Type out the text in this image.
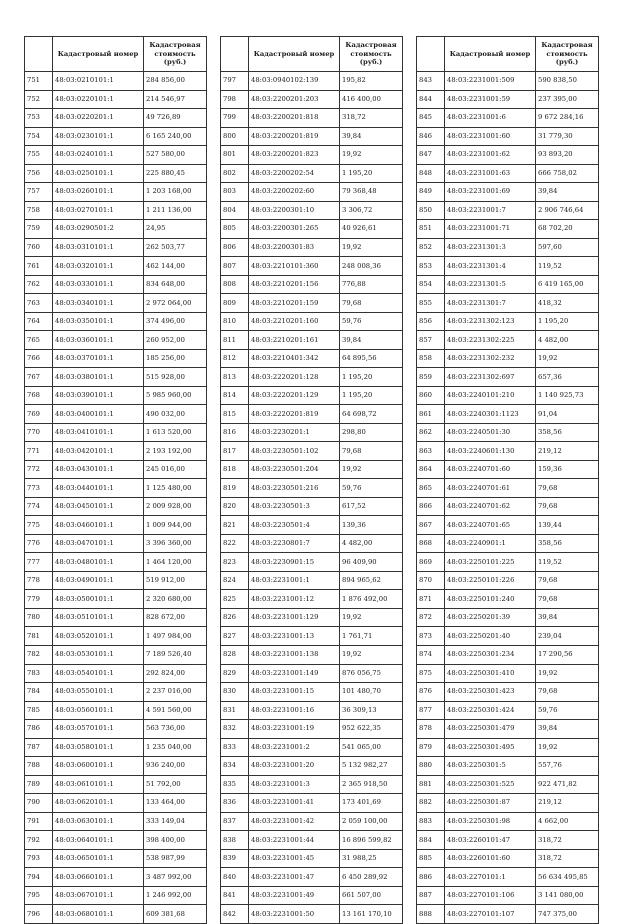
	Кадастровый номер	Кадастровая стоимость (руб.)
751	48:03:0210101:1	284 856,00
752	48:03:0220101:1	214 546,97
753	48:03:0220201:1	49 726,89
754	48:03:0230101:1	6 165 240,00
755	48:03:0240101:1	527 580,00
756	48:03:0250101:1	225 880,45
757	48:03:0260101:1	1 203 168,00
758	48:03:0270101:1	1 211 136,00
759	48:03:0290501:2	24,95
760	48:03:0310101:1	262 503,77
761	48:03:0320101:1	462 144,00
762	48:03:0330101:1	834 648,00
763	48:03:0340101:1	2 972 064,00
764	48:03:0350101:1	374 496,00
765	48:03:0360101:1	260 952,00
766	48:03:0370101:1	185 256,00
767	48:03:0380101:1	515 928,00
768	48:03:0390101:1	5 985 960,00
769	48:03:0400101:1	490 032,00
770	48:03:0410101:1	1 613 520,00
771	48:03:0420101:1	2 193 192,00
772	48:03:0430101:1	245 016,00
773	48:03:0440101:1	1 125 480,00
774	48:03:0450101:1	2 009 928,00
775	48:03:0460101:1	1 009 944,00
776	48:03:0470101:1	3 396 360,00
777	48:03:0480101:1	1 464 120,00
778	48:03:0490101:1	519 912,00
779	48:03:0500101:1	2 320 680,00
780	48:03:0510101:1	828 672,00
781	48:03:0520101:1	1 497 984,00
782	48:03:0530101:1	7 189 526,40
783	48:03:0540101:1	292 824,00
784	48:03:0550101:1	2 237 016,00
785	48:03:0560101:1	4 591 560,00
786	48:03:0570101:1	563 736,00
787	48:03:0580101:1	1 235 040,00
788	48:03:0600101:1	936 240,00
789	48:03:0610101:1	51 792,00
790	48:03:0620101:1	133 464,00
791	48:03:0630101:1	333 149,04
792	48:03:0640101:1	398 400,00
793	48:03:0650101:1	538 987,99
794	48:03:0660101:1	3 487 992,00
795	48:03:0670101:1	1 246 992,00
796	48:03:0680101:1	609 381,68
	Кадастровый номер	Кадастровая стоимость (руб.)
797	48:03:0940102:139	195,82
798	48:03:2200201:203	416 400,00
799	48:03:2200201:818	318,72
800	48:03:2200201:819	39,84
801	48:03:2200201:823	19,92
802	48:03:2200202:54	1 195,20
803	48:03:2200202:60	79 368,48
804	48:03:2200301:10	3 306,72
805	48:03:2200301:265	40 926,61
806	48:03:2200301:83	19,92
807	48:03:2210101:360	248 008,36
808	48:03:2210201:156	776,88
809	48:03:2210201:159	79,68
810	48:03:2210201:160	59,76
811	48:03:2210201:161	39,84
812	48:03:2210401:342	64 895,56
813	48:03:2220201:128	1 195,20
814	48:03:2220201:129	1 195,20
815	48:03:2220201:819	64 698,72
816	48:03:2230201:1	298,80
817	48:03:2230501:102	79,68
818	48:03:2230501:204	19,92
819	48:03:2230501:216	59,76
820	48:03:2230501:3	617,52
821	48:03:2230501:4	139,36
822	48:03:2230801:7	4 482,00
823	48:03:2230901:15	96 409,90
824	48:03:2231001:1	894 965,62
825	48:03:2231001:12	1 876 492,00
826	48:03:2231001:129	19,92
827	48:03:2231001:13	1 761,71
828	48:03:2231001:138	19,92
829	48:03:2231001:149	876 056,75
830	48:03:2231001:15	101 480,70
831	48:03:2231001:16	36 309,13
832	48:03:2231001:19	952 622,35
833	48:03:2231001:2	541 065,00
834	48:03:2231001:20	5 132 982,27
835	48:03:2231001:3	2 365 918,50
836	48:03:2231001:41	173 401,69
837	48:03:2231001:42	2 059 100,00
838	48:03:2231001:44	16 896 599,82
839	48:03:2231001:45	31 988,25
840	48:03:2231001:47	6 450 289,92
841	48:03:2231001:49	661 507,00
842	48:03:2231001:50	13 161 170,10
	Кадастровый номер	Кадастровая стоимость (руб.)
843	48:03:2231001:509	590 838,50
844	48:03:2231001:59	237 395,00
845	48:03:2231001:6	9 672 284,16
846	48:03:2231001:60	31 779,30
847	48:03:2231001:62	93 893,20
848	48:03:2231001:63	666 758,02
849	48:03:2231001:69	39,84
850	48:03:2231001:7	2 906 746,64
851	48:03:2231001:71	68 702,20
852	48:03:2231301:3	597,60
853	48:03:2231301:4	119,52
854	48:03:2231301:5	6 419 165,00
855	48:03:2231301:7	418,32
856	48:03:2231302:123	1 195,20
857	48:03:2231302:225	4 482,00
858	48:03:2231302:232	19,92
859	48:03:2231302:697	657,36
860	48:03:2240101:210	1 140 925,73
861	48:03:2240301:1123	91,04
862	48:03:2240501:30	358,56
863	48:03:2240601:130	219,12
864	48:03:2240701:60	159,36
865	48:03:2240701:61	79,68
866	48:03:2240701:62	79,68
867	48:03:2240701:65	139,44
868	48:03:2240901:1	358,56
869	48:03:2250101:225	119,52
870	48:03:2250101:226	79,68
871	48:03:2250101:240	79,68
872	48:03:2250201:39	39,84
873	48:03:2250201:40	239,04
874	48:03:2250301:234	17 290,56
875	48:03:2250301:410	19,92
876	48:03:2250301:423	79,68
877	48:03:2250301:424	59,76
878	48:03:2250301:479	39,84
879	48:03:2250301:495	19,92
880	48:03:2250301:5	557,76
881	48:03:2250301:525	922 471,82
882	48:03:2250301:87	219,12
883	48:03:2250301:98	4 662,00
884	48:03:2260101:47	318,72
885	48:03:2260101:60	318,72
886	48:03:2270101:1	56 634 495,85
887	48:03:2270101:106	3 141 080,00
888	48:03:2270101:107	747 375,00
